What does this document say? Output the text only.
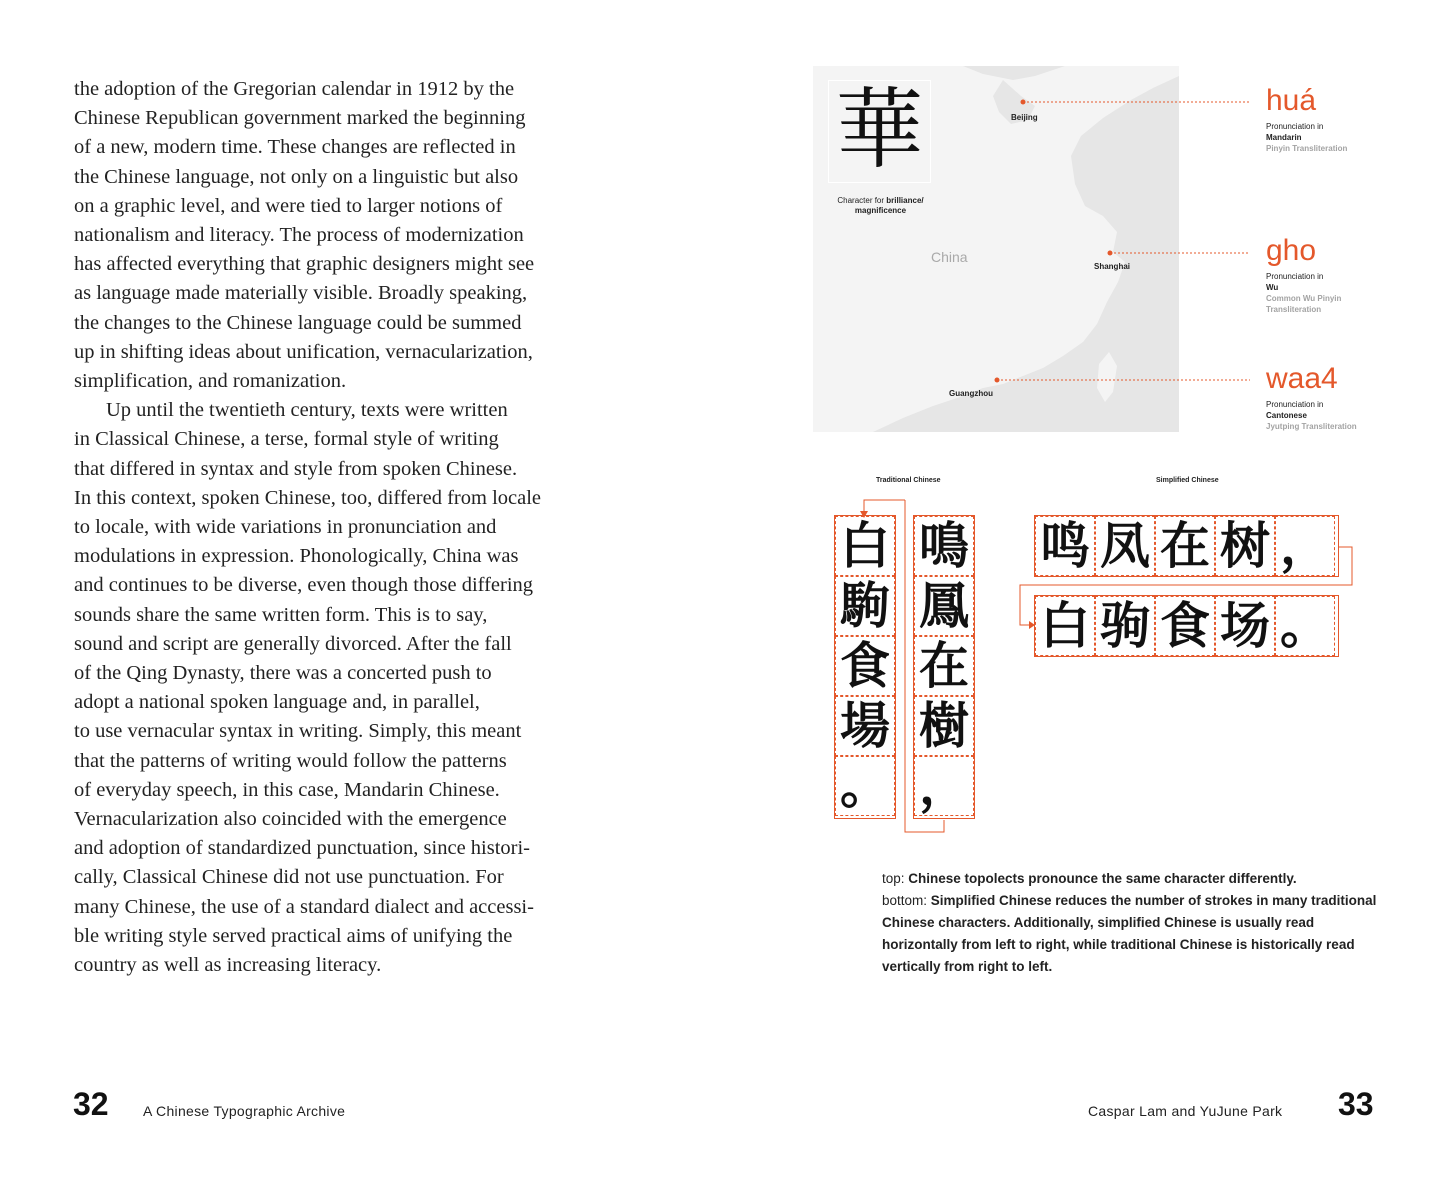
the adoption of the Gregorian calendar in 1912 by the
Chinese Republican government marked the beginning
of a new, modern time. These changes are reflected in
the Chinese language, not only on a linguistic but also
on a graphic level, and were tied to larger notions of
nationalism and literacy. The process of modernization
has affected everything that graphic designers might see
as language made materially visible. Broadly speaking,
the changes to the Chinese language could be summed
up in shifting ideas about unification, vernacularization,
simplification, and romanization.
Up until the twentieth century, texts were written
in Classical Chinese, a terse, formal style of writing
that differed in syntax and style from spoken Chinese.
In this context, spoken Chinese, too, differed from locale
to locale, with wide variations in pronunciation and
modulations in expression. Phonologically, China was
and continues to be diverse, even though those differing
sounds share the same written form. This is to say,
sound and script are generally divorced. After the fall
of the Qing Dynasty, there was a concerted push to
adopt a national spoken language and, in parallel,
to use vernacular syntax in writing. Simply, this meant
that the patterns of writing would follow the patterns
of everyday speech, in this case, Mandarin Chinese.
Vernacularization also coincided with the emergence
and adoption of standardized punctuation, since histori-
cally, Classical Chinese did not use punctuation. For
many Chinese, the use of a standard dialect and accessi-
ble writing style served practical aims of unifying the
country as well as increasing literacy.
華
Character for brilliance/ magnificence
China
Beijing
Shanghai
Guangzhou
huá
Pronunciation in
Mandarin
Pinyin Transliteration
gho
Pronunciation in
Wu
Common Wu Pinyin Transliteration
waa4
Pronunciation in
Cantonese
Jyutping Transliteration
Traditional Chinese	Simplified Chinese
白
駒
食
場
。
鳴
鳳
在
樹
，
鸣 凤 在 树 ，
白 驹 食 场 。
top: Chinese topolects pronounce the same character differently.
bottom: Simplified Chinese reduces the number of strokes in many traditional Chinese characters. Additionally, simplified Chinese is usually read horizontally from left to right, while traditional Chinese is historically read vertically from right to left.
32 A Chinese Typographic Archive	Caspar Lam and YuJune Park 33
